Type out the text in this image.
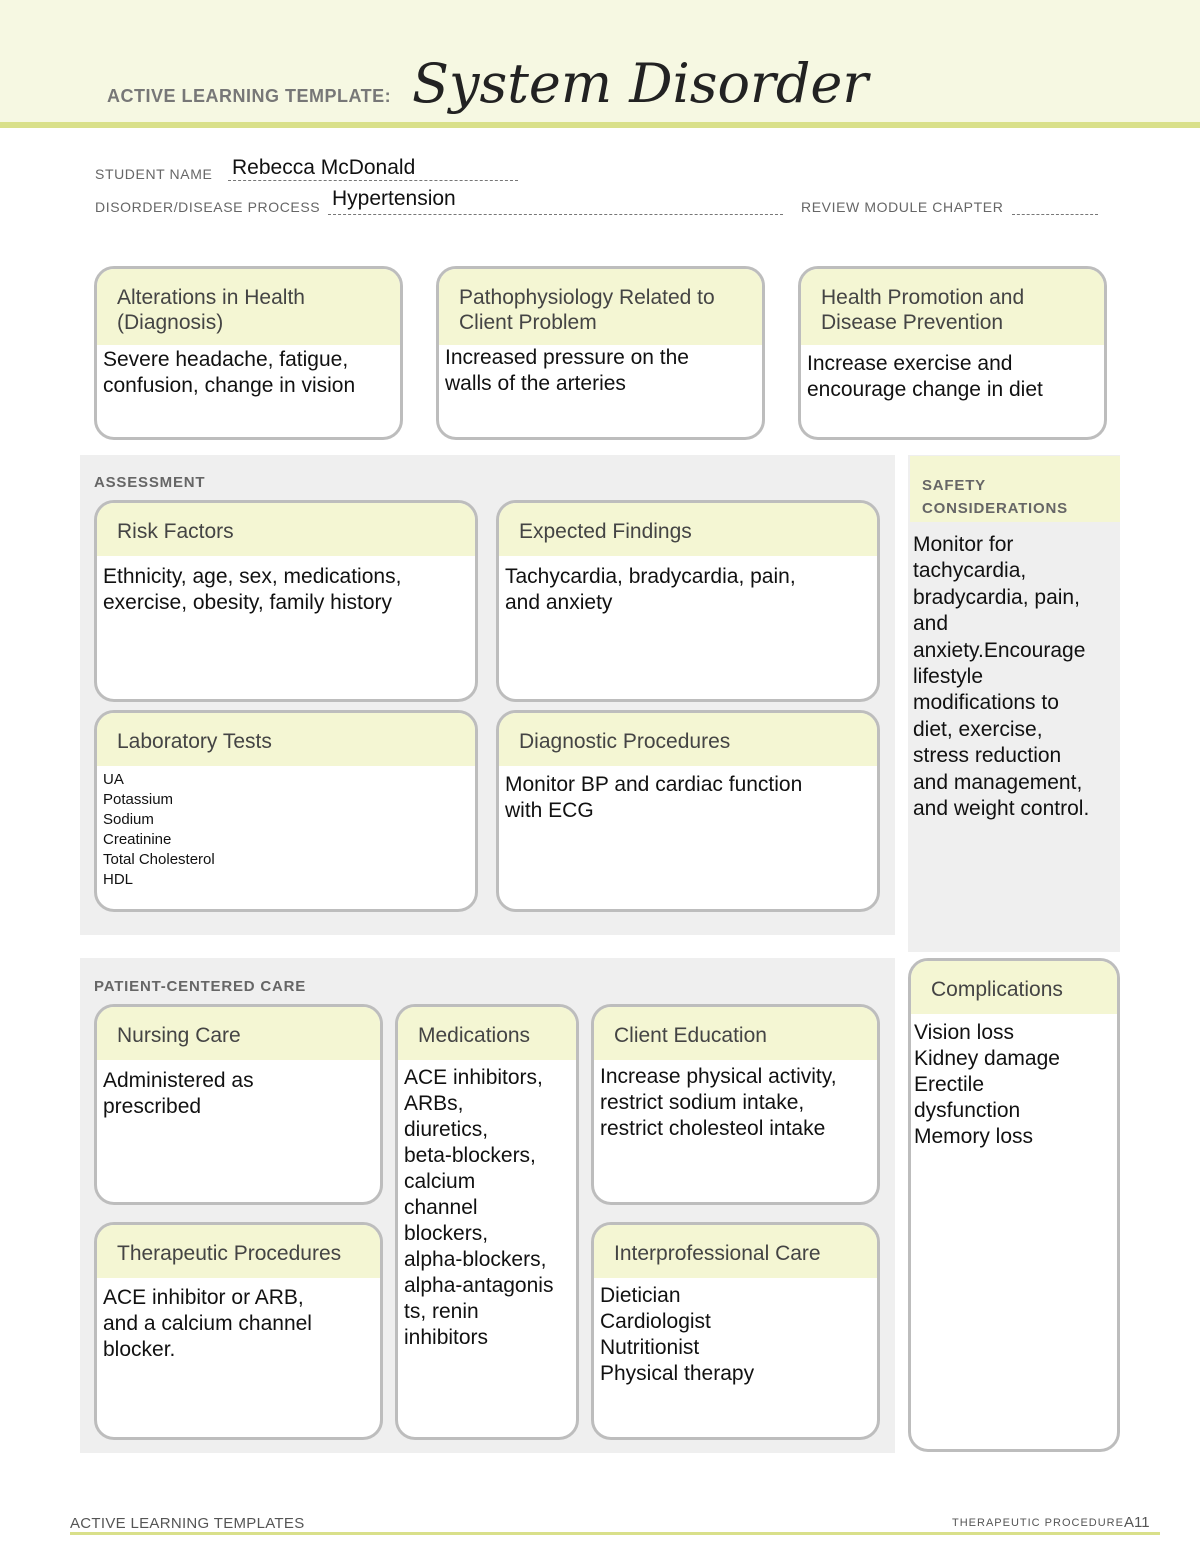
ACTIVE LEARNING TEMPLATE: System Disorder
STUDENT NAME Rebecca McDonald
DISORDER/DISEASE PROCESS Hypertension	REVIEW MODULE CHAPTER
Alterations in Health (Diagnosis)
Severe headache, fatigue,
confusion, change in vision
Pathophysiology Related to Client Problem
Increased pressure on the
walls of the arteries
Health Promotion and Disease Prevention
Increase exercise and
encourage change in diet
ASSESSMENT
Risk Factors
Ethnicity, age, sex, medications,
exercise, obesity, family history
Expected Findings
Tachycardia, bradycardia, pain,
and anxiety
Laboratory Tests
UA
Potassium
Sodium
Creatinine
Total Cholesterol
HDL
Diagnostic Procedures
Monitor BP and cardiac function
with ECG
SAFETY
CONSIDERATIONS
Monitor for
tachycardia,
bradycardia, pain,
and
anxiety.Encourage
lifestyle
modifications to
diet, exercise,
stress reduction
and management,
and weight control.
PATIENT-CENTERED CARE
Nursing Care
Administered as
prescribed
Therapeutic Procedures
ACE inhibitor or ARB,
and a calcium channel
blocker.
Medications
ACE inhibitors,
ARBs,
diuretics,
beta-blockers,
calcium
channel
blockers,
alpha-blockers,
alpha-antagonis
ts, renin
inhibitors
Client Education
Increase physical activity,
restrict sodium intake,
restrict cholesteol intake
Interprofessional Care
Dietician
Cardiologist
Nutritionist
Physical therapy
Complications
Vision loss
Kidney damage
Erectile
dysfunction
Memory loss
ACTIVE LEARNING TEMPLATES	THERAPEUTIC PROCEDURE A11
